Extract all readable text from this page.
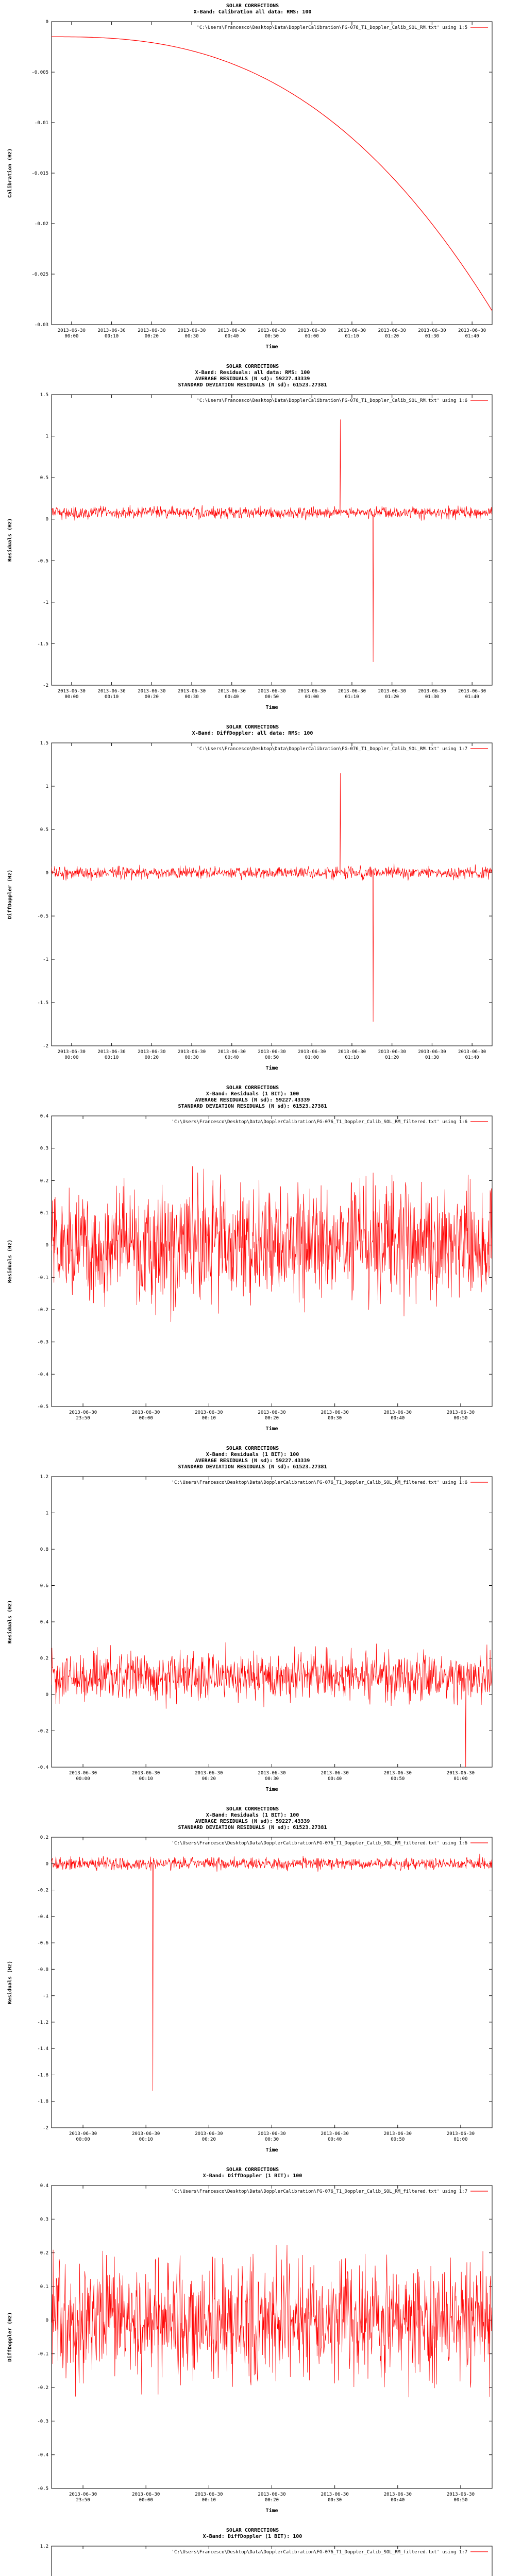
SOLAR CORRECTIONS
X-Band: Calibration all data: RMS: 100
'C:\Users\Francesco\Desktop\Data\DopplerCalibration\FG-076_T1_Doppler_Calib_SOL_RM.txt' using 1:5
0
-0.005
-0.01
-0.015
-0.02
-0.025
-0.03
2013-06-30 00:00
2013-06-30 00:10
2013-06-30 00:20
2013-06-30 00:30
2013-06-30 00:40
2013-06-30 00:50
2013-06-30 01:00
2013-06-30 01:10
2013-06-30 01:20
2013-06-30 01:30
2013-06-30 01:40
Time
Calibration (Hz)
SOLAR CORRECTIONS
X-Band: Residuals: all data: RMS: 100
AVERAGE RESIDUALS (N sd): 59227.43339
STANDARD DEVIATION RESIDUALS (N sd): 61523.27381
'C:\Users\Francesco\Desktop\Data\DopplerCalibration\FG-076_T1_Doppler_Calib_SOL_RM.txt' using 1:6
1.5
1
0.5
0
-0.5
-1
-1.5
-2
2013-06-30 00:00
2013-06-30 00:10
2013-06-30 00:20
2013-06-30 00:30
2013-06-30 00:40
2013-06-30 00:50
2013-06-30 01:00
2013-06-30 01:10
2013-06-30 01:20
2013-06-30 01:30
2013-06-30 01:40
Time
Residuals (Hz)
SOLAR CORRECTIONS
X-Band: DiffDoppler: all data: RMS: 100
'C:\Users\Francesco\Desktop\Data\DopplerCalibration\FG-076_T1_Doppler_Calib_SOL_RM.txt' using 1:7
1.5
1
0.5
0
-0.5
-1
-1.5
-2
2013-06-30 00:00
2013-06-30 00:10
2013-06-30 00:20
2013-06-30 00:30
2013-06-30 00:40
2013-06-30 00:50
2013-06-30 01:00
2013-06-30 01:10
2013-06-30 01:20
2013-06-30 01:30
2013-06-30 01:40
Time
DiffDoppler (Hz)
SOLAR CORRECTIONS
X-Band: Residuals (1 BIT): 100
AVERAGE RESIDUALS (N sd): 59227.43339
STANDARD DEVIATION RESIDUALS (N sd): 61523.27381
'C:\Users\Francesco\Desktop\Data\DopplerCalibration\FG-076_T1_Doppler_Calib_SOL_RM_filtered.txt' using 1:6
0.4
0.3
0.2
0.1
0
-0.1
-0.2
-0.3
-0.4
-0.5
2013-06-30 23:50
2013-06-30 00:00
2013-06-30 00:10
2013-06-30 00:20
2013-06-30 00:30
2013-06-30 00:40
2013-06-30 00:50
Time
Residuals (Hz)
SOLAR CORRECTIONS
X-Band: Residuals (1 BIT): 100
AVERAGE RESIDUALS (N sd): 59227.43339
STANDARD DEVIATION RESIDUALS (N sd): 61523.27381
'C:\Users\Francesco\Desktop\Data\DopplerCalibration\FG-076_T1_Doppler_Calib_SOL_RM_filtered.txt' using 1:6
1.2
1
0.8
0.6
0.4
0.2
0
-0.2
-0.4
2013-06-30 00:00
2013-06-30 00:10
2013-06-30 00:20
2013-06-30 00:30
2013-06-30 00:40
2013-06-30 00:50
2013-06-30 01:00
Time
Residuals (Hz)
SOLAR CORRECTIONS
X-Band: Residuals (1 BIT): 100
AVERAGE RESIDUALS (N sd): 59227.43339
STANDARD DEVIATION RESIDUALS (N sd): 61523.27381
'C:\Users\Francesco\Desktop\Data\DopplerCalibration\FG-076_T1_Doppler_Calib_SOL_RM_filtered.txt' using 1:6
0.2
0
-0.2
-0.4
-0.6
-0.8
-1
-1.2
-1.4
-1.6
-1.8
-2
2013-06-30 00:00
2013-06-30 00:10
2013-06-30 00:20
2013-06-30 00:30
2013-06-30 00:40
2013-06-30 00:50
2013-06-30 01:00
Time
Residuals (Hz)
SOLAR CORRECTIONS
X-Band: DiffDoppler (1 BIT): 100
'C:\Users\Francesco\Desktop\Data\DopplerCalibration\FG-076_T1_Doppler_Calib_SOL_RM_filtered.txt' using 1:7
0.4
0.3
0.2
0.1
0
-0.1
-0.2
-0.3
-0.4
-0.5
2013-06-30 23:50
2013-06-30 00:00
2013-06-30 00:10
2013-06-30 00:20
2013-06-30 00:30
2013-06-30 00:40
2013-06-30 00:50
Time
DiffDoppler (Hz)
SOLAR CORRECTIONS
X-Band: DiffDoppler (1 BIT): 100
'C:\Users\Francesco\Desktop\Data\DopplerCalibration\FG-076_T1_Doppler_Calib_SOL_RM_filtered.txt' using 1:7
1.2
